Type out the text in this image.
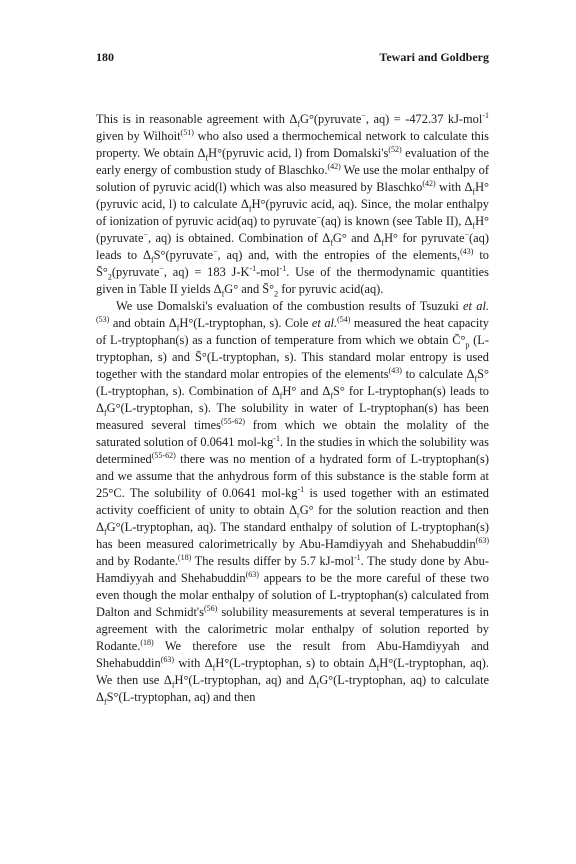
180	Tewari and Goldberg

This is in reasonable agreement with $\Delta_fG^\circ(pyruvate^-$, aq) = -472.37 kJ-mol$^{-1}$ given by Wilhoit$^{(51)}$ who also used a thermochemical network to calculate this property. We obtain $\Delta_fH^\circ(pyruvic$ acid, l) from $Domalski's^{(52)}$ evaluation of the early energy of combustion study of Blaschko.$^{(42)}$ We use the molar enthalpy of solution of pyruvic acid(l) which was also measured by Blaschko$^{(42)}$ with $\Delta_fH^\circ(pyruvic$ acid, l) to calculate $\Delta_fH^\circ(pyruvic$ acid, aq). Since, the molar enthalpy of ionization of pyruvic acid(aq) to pyruvate−(aq) is known (see Table II), $\Delta_fH^\circ(pyruvate^-$, aq) is obtained. Combination of $\Delta_fG^\circ$ and $\Delta_fH^\circ$ for pyruvate−(aq) leads to $\Delta_fS^\circ(pyruvate^-$, aq) and, with the entropies of the elements,$^{(43)}$ to $S̄^\circ_2(pyruvate^-$, aq) = 183 $J-K^{-1}-mol^{-1}$. Use of the thermodynamic quantities given in Table II yields $\Delta_fG^\circ$ and $S̄^\circ_2$ for pyruvic acid(aq).

We use Domalski's evaluation of the combustion results of Tsuzuki et al.$^{(53)}$ and obtain $\Delta_fH^\circ(L$-tryptophan, s). Cole et al.$^{(54)}$ measured the heat capacity of L-tryptophan(s) as a function of temperature from which we obtain $C̄^\circ_p$ (L-tryptophan, s) and S̄°(L-tryptophan, s). This standard molar entropy is used together with the standard molar entropies of the elements$^{(43)}$ to calculate $\Delta_fS^\circ(L$-tryptophan, s). Combination of $\Delta_fH^\circ$ and $\Delta_fS^\circ$ for L-tryptophan(s) leads to $\Delta_fG^\circ(L$-tryptophan, s). The solubility in water of L-tryptophan(s) has been measured several times$^{(55-62)}$ from which we obtain the molality of the saturated solution of 0.0641 mol-$kg^{-1}$. In the studies in which the solubility was determined$^{(55-62)}$ there was no mention of a hydrated form of L-tryptophan(s) and we assume that the anhydrous form of this substance is the stable form at 25°C. The solubility of 0.0641 mol-$kg^{-1}$ is used together with an estimated activity coefficient of unity to obtain $\Delta_rG^\circ$ for the solution reaction and then $\Delta_fG^\circ(L$-tryptophan, aq). The standard enthalpy of solution of L-tryptophan(s) has been measured calorimetrically by Abu-Hamdiyyah and Shehabuddin$^{(63)}$ and by Rodante.$^{(18)}$ The results differ by 5.7 kJ-mol$^{-1}$. The study done by Abu-Hamdiyyah and Shehabuddin$^{(63)}$ appears to be the more careful of these two even though the molar enthalpy of solution of L-tryptophan(s) calculated from Dalton and $Schmidt's^{(56)}$ solubility measurements at several temperatures is in agreement with the calorimetric molar enthalpy of solution reported by Rodante.$^{(18)}$ We therefore use the result from Abu-Hamdiyyah and Shehabuddin$^{(63)}$ with $\Delta_fH^\circ(L$-tryptophan, s) to obtain $\Delta_fH^\circ(L$-tryptophan, aq). We then use $\Delta_fH^\circ(L$-tryptophan, aq) and $\Delta_fG^\circ(L$-tryptophan, aq) to calculate $\Delta_fS^\circ(L$-tryptophan, aq) and then
